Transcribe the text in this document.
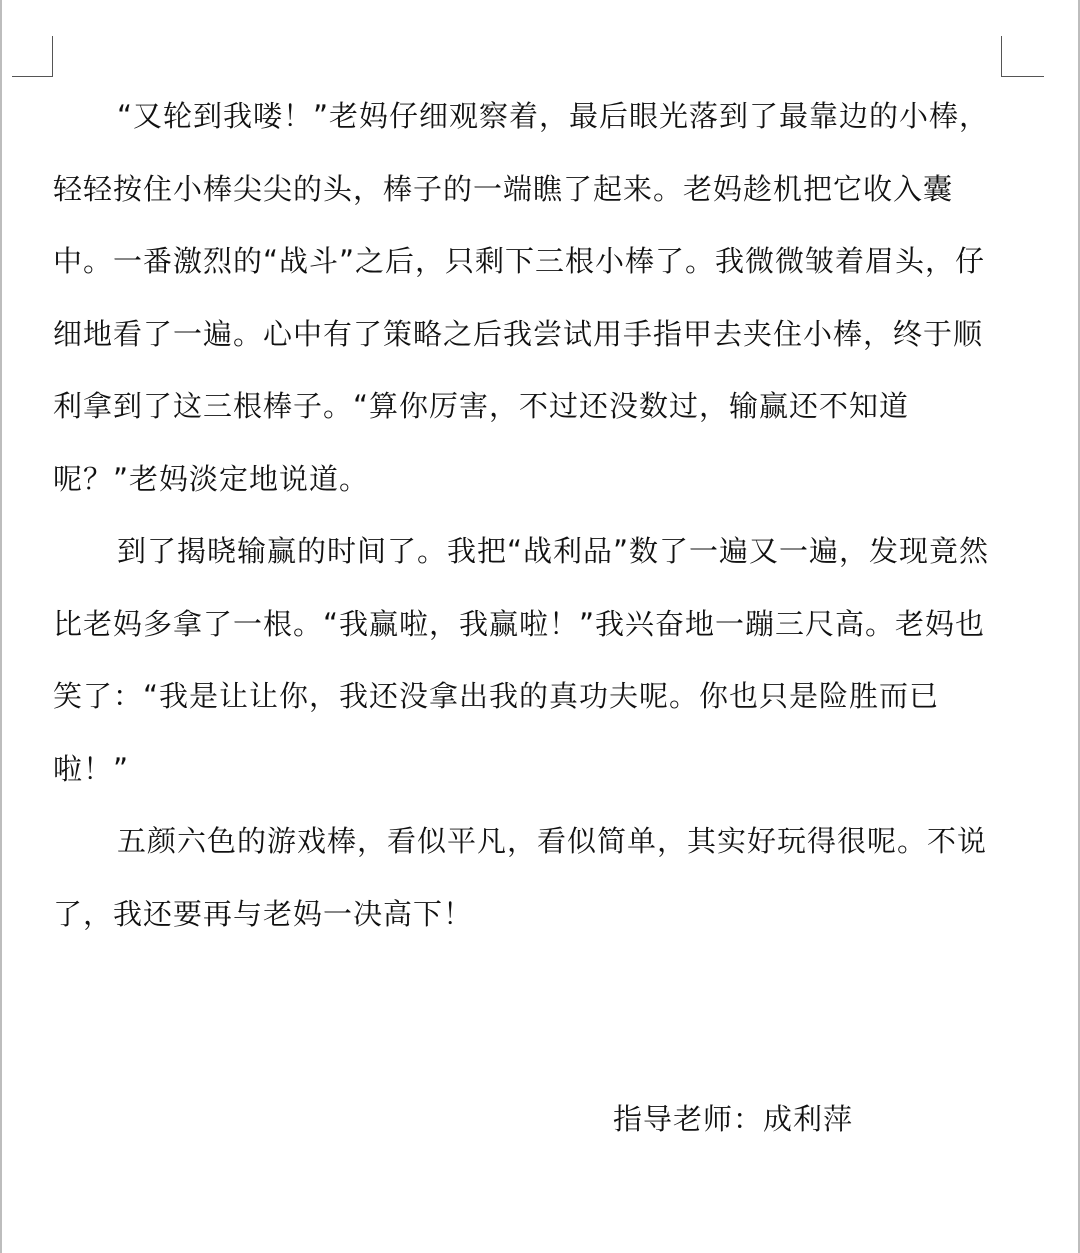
“又轮到我喽！”老妈仔细观察着，最后眼光落到了最靠边的小棒，轻轻按住小棒尖尖的头，棒子的一端瞧了起来。老妈趁机把它收入囊中。一番激烈的“战斗”之后，只剩下三根小棒了。我微微皱着眉头，仔细地看了一遍。心中有了策略之后我尝试用手指甲去夹住小棒，终于顺利拿到了这三根棒子。“算你厉害，不过还没数过，输赢还不知道呢？”老妈淡定地说道。

到了揭晓输赢的时间了。我把“战利品”数了一遍又一遍，发现竟然比老妈多拿了一根。“我赢啦，我赢啦！”我兴奋地一蹦三尺高。老妈也笑了：“我是让让你，我还没拿出我的真功夫呢。你也只是险胜而已啦！”

五颜六色的游戏棒，看似平凡，看似简单，其实好玩得很呢。不说了，我还要再与老妈一决高下！

指导老师：成利萍
